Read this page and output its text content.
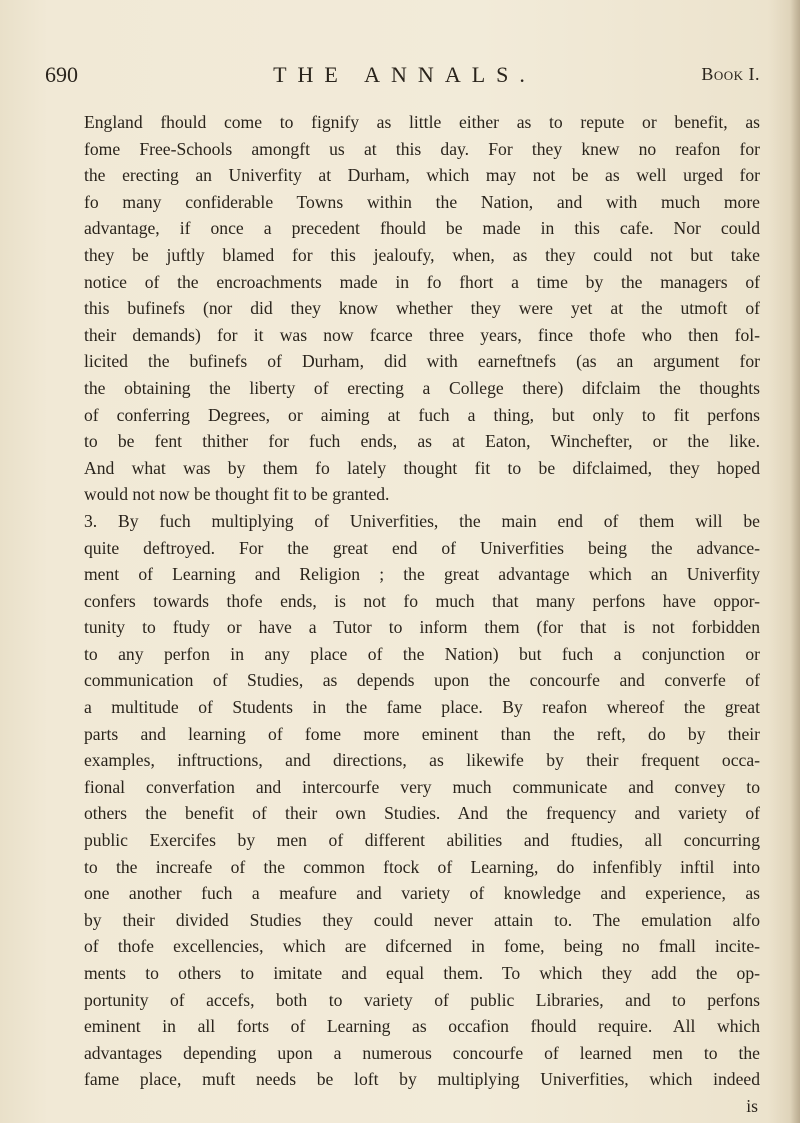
690	THE ANNALS.	Book I.
England fhould come to fignify as little either as to repute or benefit, as
fome Free-Schools amongft us at this day. For they knew no reafon for
the erecting an Univerfity at Durham, which may not be as well urged for
fo many confiderable Towns within the Nation, and with much more
advantage, if once a precedent fhould be made in this cafe. Nor could
they be juftly blamed for this jealoufy, when, as they could not but take
notice of the encroachments made in fo fhort a time by the managers of
this bufinefs (nor did they know whether they were yet at the utmoft of
their demands) for it was now fcarce three years, fince thofe who then fol-
licited the bufinefs of Durham, did with earneftnefs (as an argument for
the obtaining the liberty of erecting a College there) difclaim the thoughts
of conferring Degrees, or aiming at fuch a thing, but only to fit perfons
to be fent thither for fuch ends, as at Eaton, Winchefter, or the like.
And what was by them fo lately thought fit to be difclaimed, they hoped
would not now be thought fit to be granted.
3. By fuch multiplying of Univerfities, the main end of them will be
quite deftroyed. For the great end of Univerfities being the advance-
ment of Learning and Religion ; the great advantage which an Univerfity
confers towards thofe ends, is not fo much that many perfons have oppor-
tunity to ftudy or have a Tutor to inform them (for that is not forbidden
to any perfon in any place of the Nation) but fuch a conjunction or
communication of Studies, as depends upon the concourfe and converfe of
a multitude of Students in the fame place. By reafon whereof the great
parts and learning of fome more eminent than the reft, do by their
examples, inftructions, and directions, as likewife by their frequent occa-
fional converfation and intercourfe very much communicate and convey to
others the benefit of their own Studies. And the frequency and variety of
public Exercifes by men of different abilities and ftudies, all concurring
to the increafe of the common ftock of Learning, do infenfibly inftil into
one another fuch a meafure and variety of knowledge and experience, as
by their divided Studies they could never attain to. The emulation alfo
of thofe excellencies, which are difcerned in fome, being no fmall incite-
ments to others to imitate and equal them. To which they add the op-
portunity of accefs, both to variety of public Libraries, and to perfons
eminent in all forts of Learning as occafion fhould require. All which
advantages depending upon a numerous concourfe of learned men to the
fame place, muft needs be loft by multiplying Univerfities, which indeed
is
